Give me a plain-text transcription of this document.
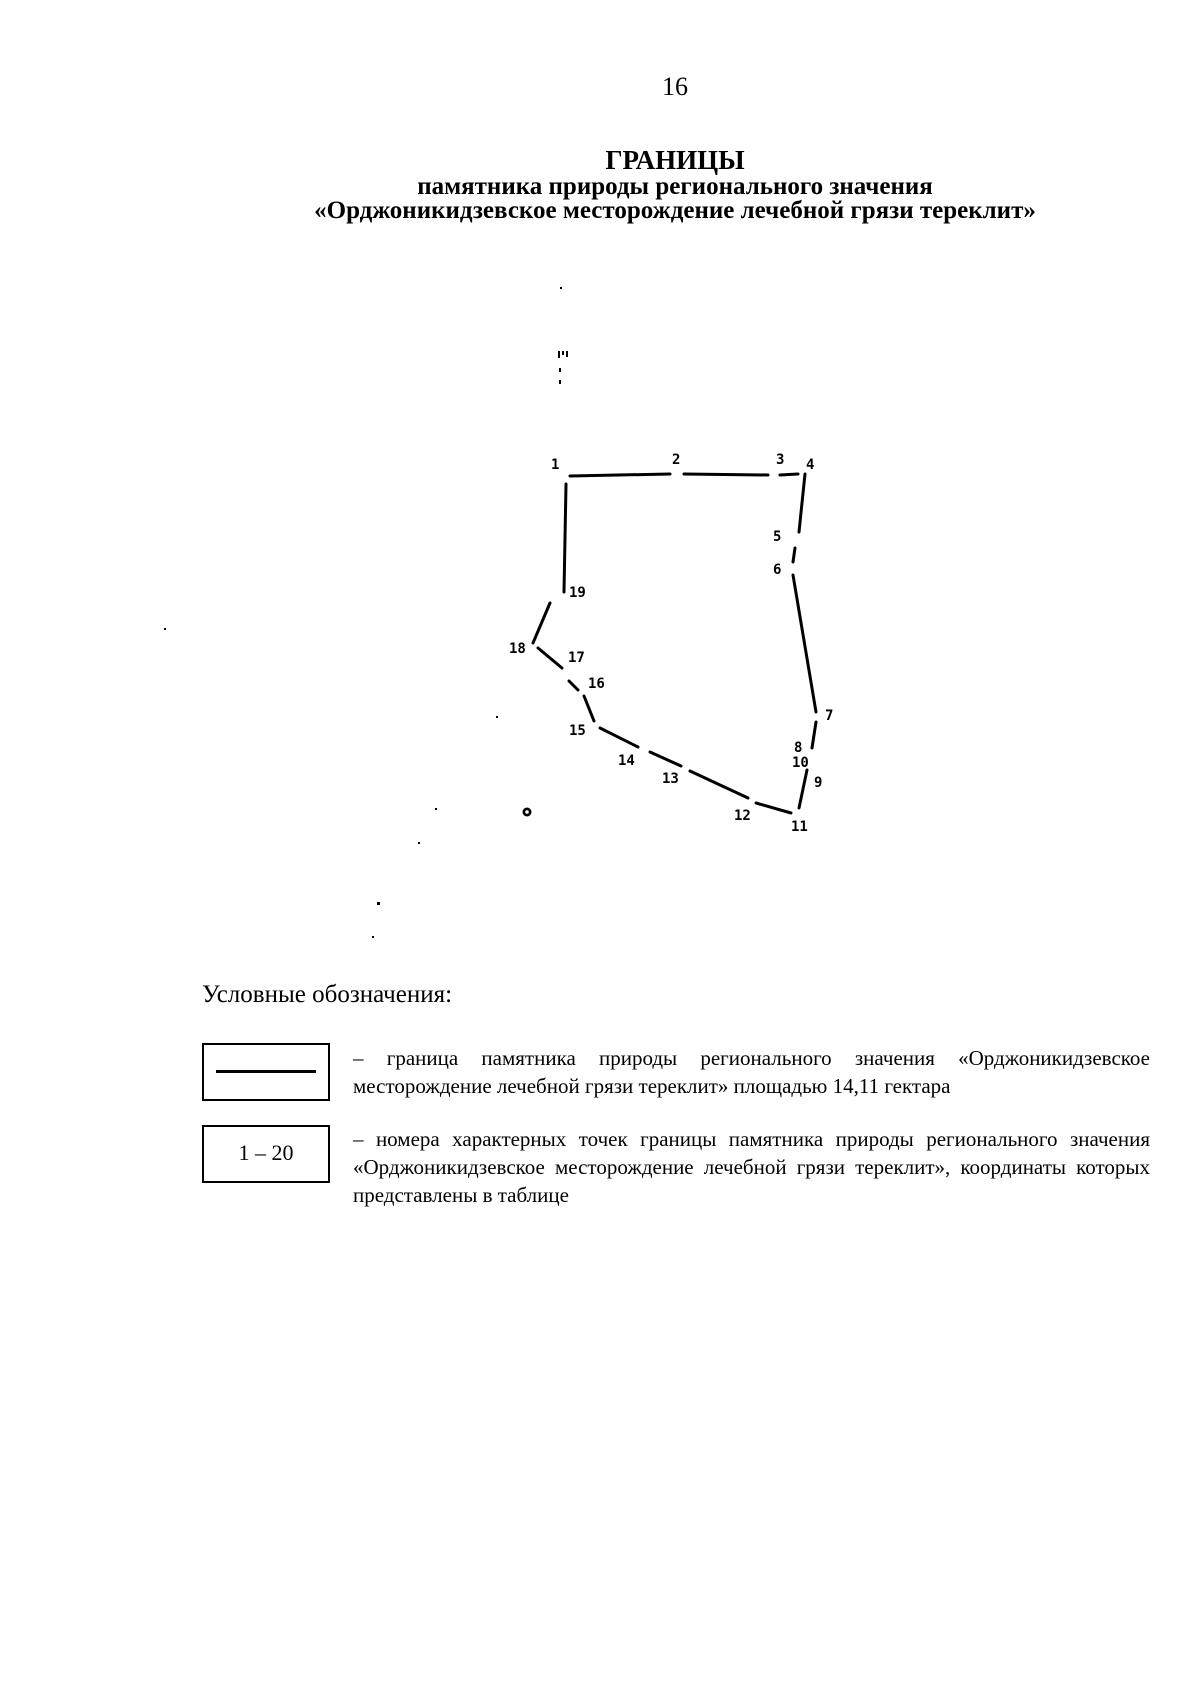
16
ГРАНИЦЫ
памятника природы регионального значения
«Орджоникидзевское месторождение лечебной грязи тереклит»
1	2	3 4
5
6
7
8
9
10
11
12
13
14
15
16
17
18
19
Условные обозначения:
– граница памятника природы регионального значения «Орджоникидзевское месторождение лечебной грязи тереклит» площадью 14,11 гектара
1 – 20
– номера характерных точек границы памятника природы регионального значения «Орджоникидзевское месторождение лечебной грязи тереклит», координаты которых представлены в таблице
